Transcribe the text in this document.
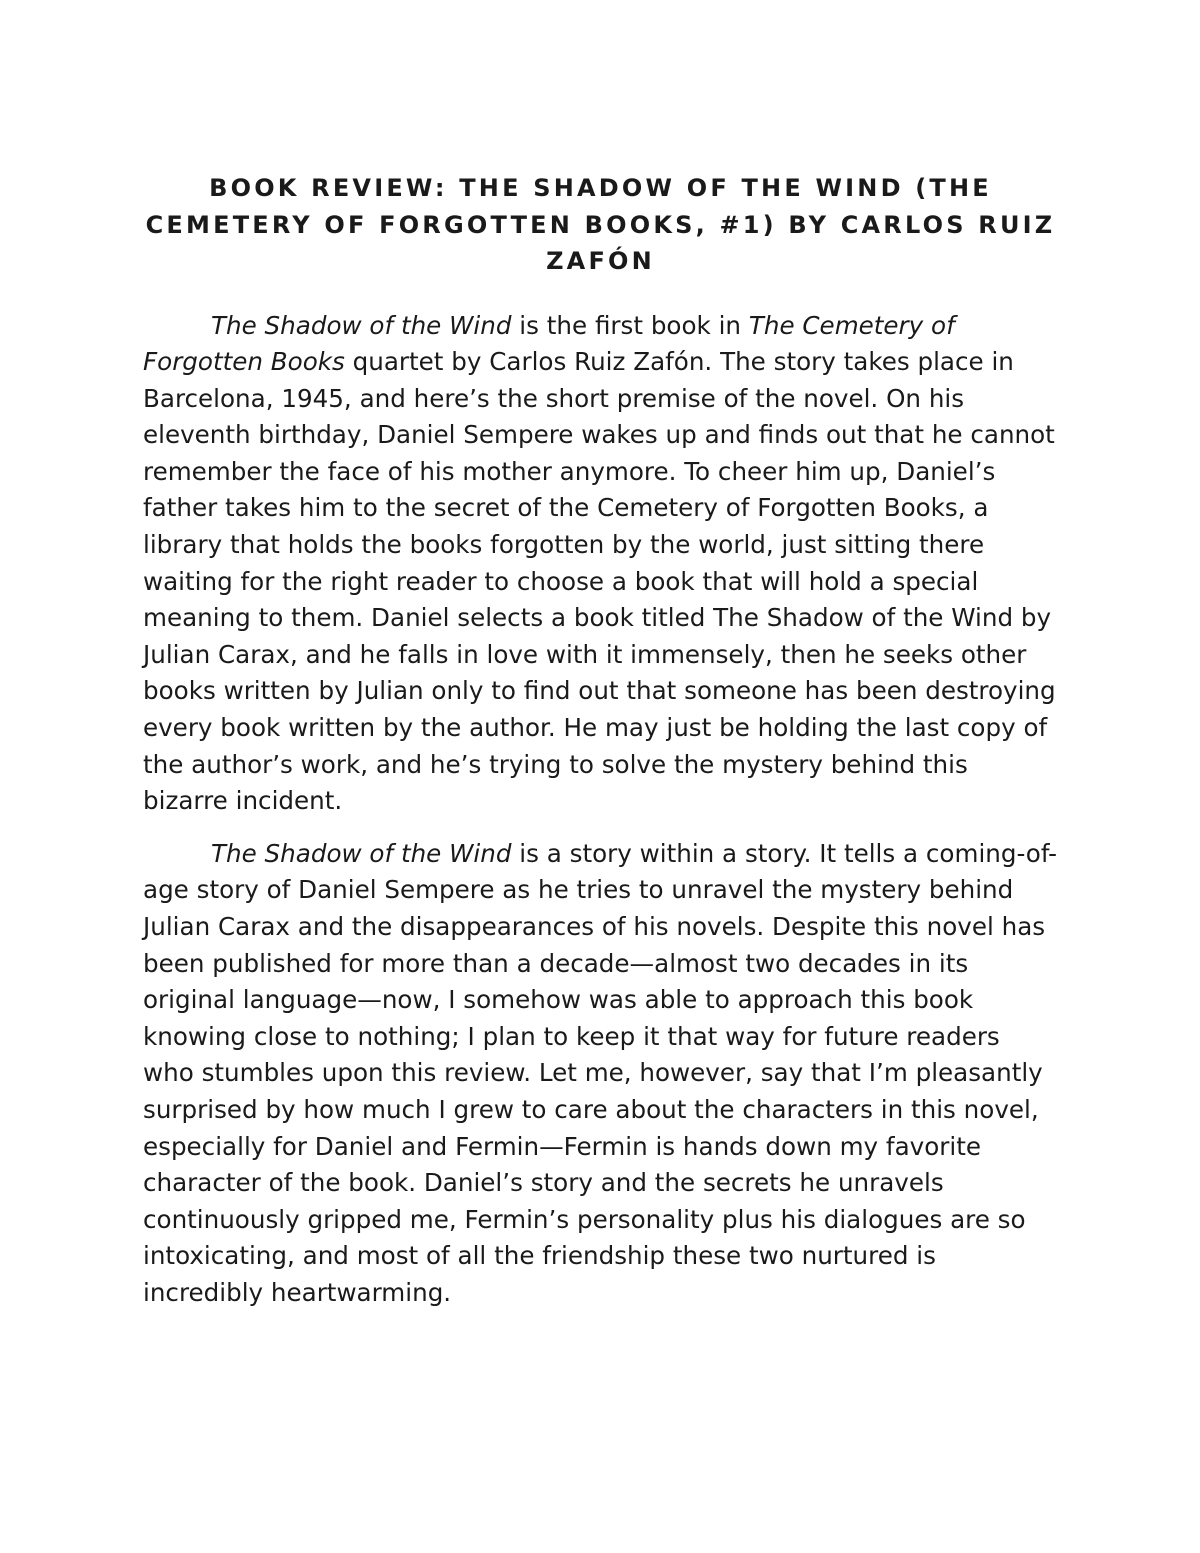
BOOK REVIEW: THE SHADOW OF THE WIND (THE CEMETERY OF FORGOTTEN BOOKS, #1) BY CARLOS RUIZ ZAFÓN

The Shadow of the Wind is the first book in The Cemetery of Forgotten Books quartet by Carlos Ruiz Zafón. The story takes place in Barcelona, 1945, and here’s the short premise of the novel. On his eleventh birthday, Daniel Sempere wakes up and finds out that he cannot remember the face of his mother anymore. To cheer him up, Daniel’s father takes him to the secret of the Cemetery of Forgotten Books, a library that holds the books forgotten by the world, just sitting there waiting for the right reader to choose a book that will hold a special meaning to them. Daniel selects a book titled The Shadow of the Wind by Julian Carax, and he falls in love with it immensely, then he seeks other books written by Julian only to find out that someone has been destroying every book written by the author. He may just be holding the last copy of the author’s work, and he’s trying to solve the mystery behind this bizarre incident.

The Shadow of the Wind is a story within a story. It tells a coming-of-age story of Daniel Sempere as he tries to unravel the mystery behind Julian Carax and the disappearances of his novels. Despite this novel has been published for more than a decade—almost two decades in its original language—now, I somehow was able to approach this book knowing close to nothing; I plan to keep it that way for future readers who stumbles upon this review. Let me, however, say that I’m pleasantly surprised by how much I grew to care about the characters in this novel, especially for Daniel and Fermin—Fermin is hands down my favorite character of the book. Daniel’s story and the secrets he unravels continuously gripped me, Fermin’s personality plus his dialogues are so intoxicating, and most of all the friendship these two nurtured is incredibly heartwarming.
